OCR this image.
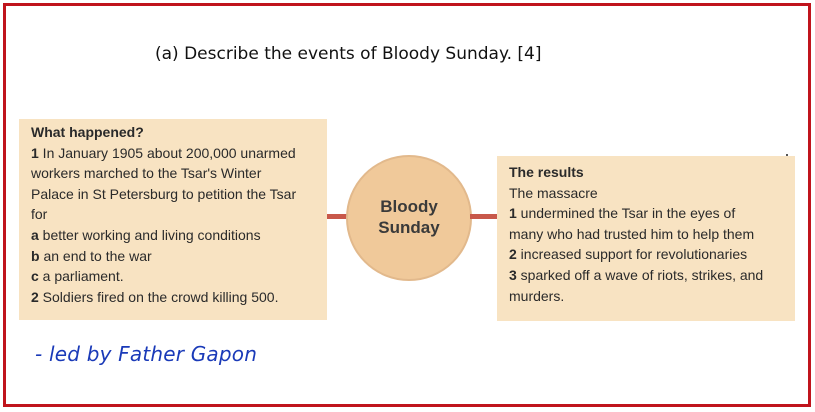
(a) Describe the events of Bloody Sunday. [4]
What happened?
1 In January 1905 about 200,000 unarmed
workers marched to the Tsar's Winter
Palace in St Petersburg to petition the Tsar
for
a better working and living conditions
b an end to the war
c a parliament.
2 Soldiers fired on the crowd killing 500.
Bloody
Sunday
The results
The massacre
1 undermined the Tsar in the eyes of
many who had trusted him to help them
2 increased support for revolutionaries
3 sparked off a wave of riots, strikes, and
murders.
- led by Father Gapon
